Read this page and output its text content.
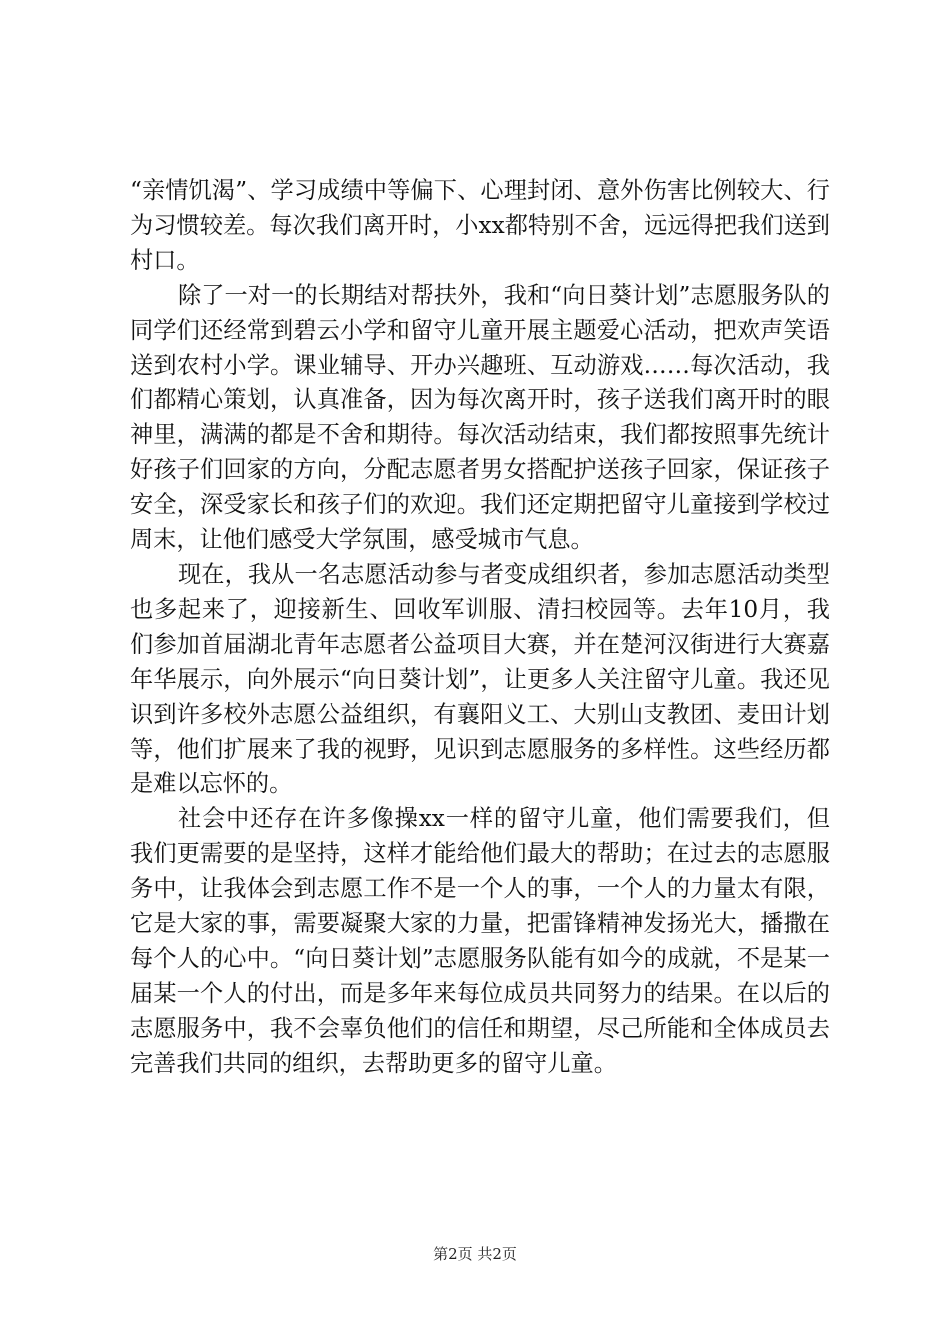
“亲情饥渴”、学习成绩中等偏下、心理封闭、意外伤害比例较大、行为习惯较差。每次我们离开时，小xx都特别不舍，远远得把我们送到村口。

除了一对一的长期结对帮扶外，我和“向日葵计划”志愿服务队的同学们还经常到碧云小学和留守儿童开展主题爱心活动，把欢声笑语送到农村小学。课业辅导、开办兴趣班、互动游戏……每次活动，我们都精心策划，认真准备，因为每次离开时，孩子送我们离开时的眼神里，满满的都是不舍和期待。每次活动结束，我们都按照事先统计好孩子们回家的方向，分配志愿者男女搭配护送孩子回家，保证孩子安全，深受家长和孩子们的欢迎。我们还定期把留守儿童接到学校过周末，让他们感受大学氛围，感受城市气息。

现在，我从一名志愿活动参与者变成组织者，参加志愿活动类型也多起来了，迎接新生、回收军训服、清扫校园等。去年10月，我们参加首届湖北青年志愿者公益项目大赛，并在楚河汉街进行大赛嘉年华展示，向外展示“向日葵计划”，让更多人关注留守儿童。我还见识到许多校外志愿公益组织，有襄阳义工、大别山支教团、麦田计划等，他们扩展来了我的视野，见识到志愿服务的多样性。这些经历都是难以忘怀的。

社会中还存在许多像操xx一样的留守儿童，他们需要我们，但我们更需要的是坚持，这样才能给他们最大的帮助；在过去的志愿服务中，让我体会到志愿工作不是一个人的事，一个人的力量太有限，它是大家的事，需要凝聚大家的力量，把雷锋精神发扬光大，播撒在每个人的心中。“向日葵计划”志愿服务队能有如今的成就，不是某一届某一个人的付出，而是多年来每位成员共同努力的结果。在以后的志愿服务中，我不会辜负他们的信任和期望，尽己所能和全体成员去完善我们共同的组织，去帮助更多的留守儿童。

第2页 共2页
